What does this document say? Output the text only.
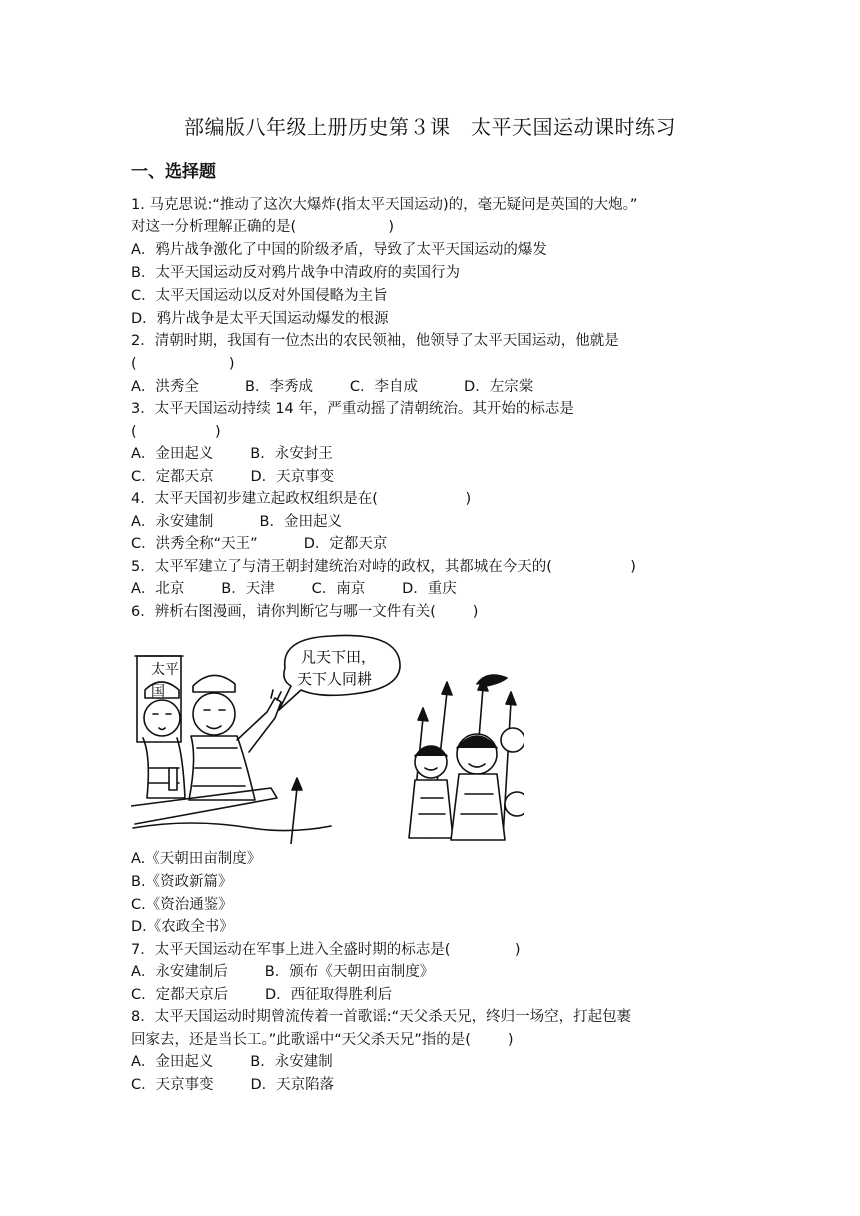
部编版八年级上册历史第３课　太平天国运动课时练习
一、选择题
1. 马克思说:“推动了这次大爆炸(指太平天国运动)的，毫无疑问是英国的大炮。”
对这一分析理解正确的是(                    )
A．鸦片战争激化了中国的阶级矛盾，导致了太平天国运动的爆发
B．太平天国运动反对鸦片战争中清政府的卖国行为
C．太平天国运动以反对外国侵略为主旨
D．鸦片战争是太平天国运动爆发的根源
2．清朝时期，我国有一位杰出的农民领袖，他领导了太平天国运动，他就是
(                    )
A．洪秀全          B．李秀成        C．李自成          D．左宗棠
3．太平天国运动持续 14 年，严重动摇了清朝统治。其开始的标志是
(                 )
A．金田起义        B．永安封王
C．定都天京        D．天京事变
4．太平天国初步建立起政权组织是在(                   )
A．永安建制          B．金田起义
C．洪秀全称“天王”          D．定都天京
5．太平军建立了与清王朝封建统治对峙的政权，其都城在今天的(                 )
A．北京        B．天津        C．南京        D．重庆
6．辨析右图漫画，请你判断它与哪一文件有关(        )
太平
国
凡天下田，
天下人同耕
A.《天朝田亩制度》
B.《资政新篇》
C.《资治通鉴》
D.《农政全书》
7．太平天国运动在军事上进入全盛时期的标志是(              )
A．永安建制后        B．颁布《天朝田亩制度》
C．定都天京后        D．西征取得胜利后
8．太平天国运动时期曾流传着一首歌谣:“天父杀天兄，终归一场空，打起包裹
回家去，还是当长工。”此歌谣中“天父杀天兄”指的是(        )
A．金田起义        B．永安建制
C．天京事变        D．天京陷落
